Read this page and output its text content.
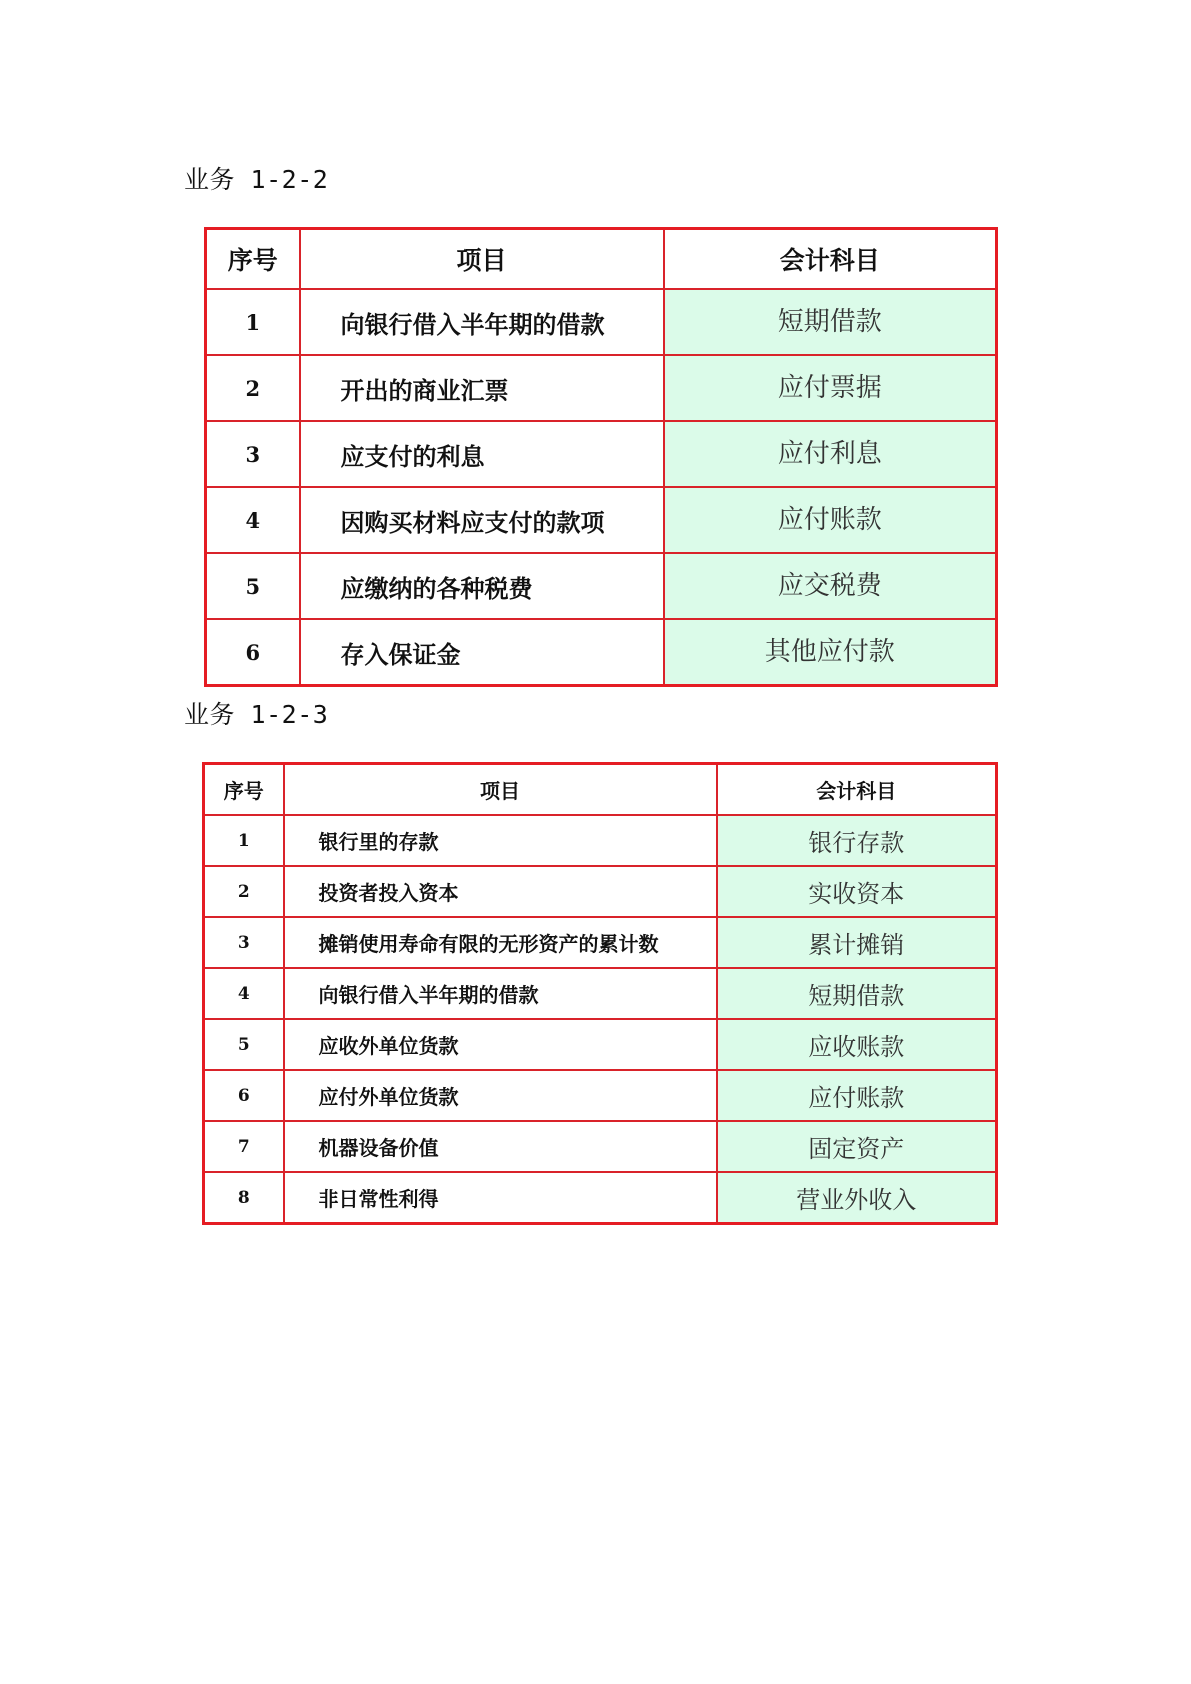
业务 1-2-2
序号	项目	会计科目
1	向银行借入半年期的借款	短期借款
2	开出的商业汇票	应付票据
3	应支付的利息	应付利息
4	因购买材料应支付的款项	应付账款
5	应缴纳的各种税费	应交税费
6	存入保证金	其他应付款
业务 1-2-3
序号	项目	会计科目
1	银行里的存款	银行存款
2	投资者投入资本	实收资本
3	摊销使用寿命有限的无形资产的累计数	累计摊销
4	向银行借入半年期的借款	短期借款
5	应收外单位货款	应收账款
6	应付外单位货款	应付账款
7	机器设备价值	固定资产
8	非日常性利得	营业外收入
